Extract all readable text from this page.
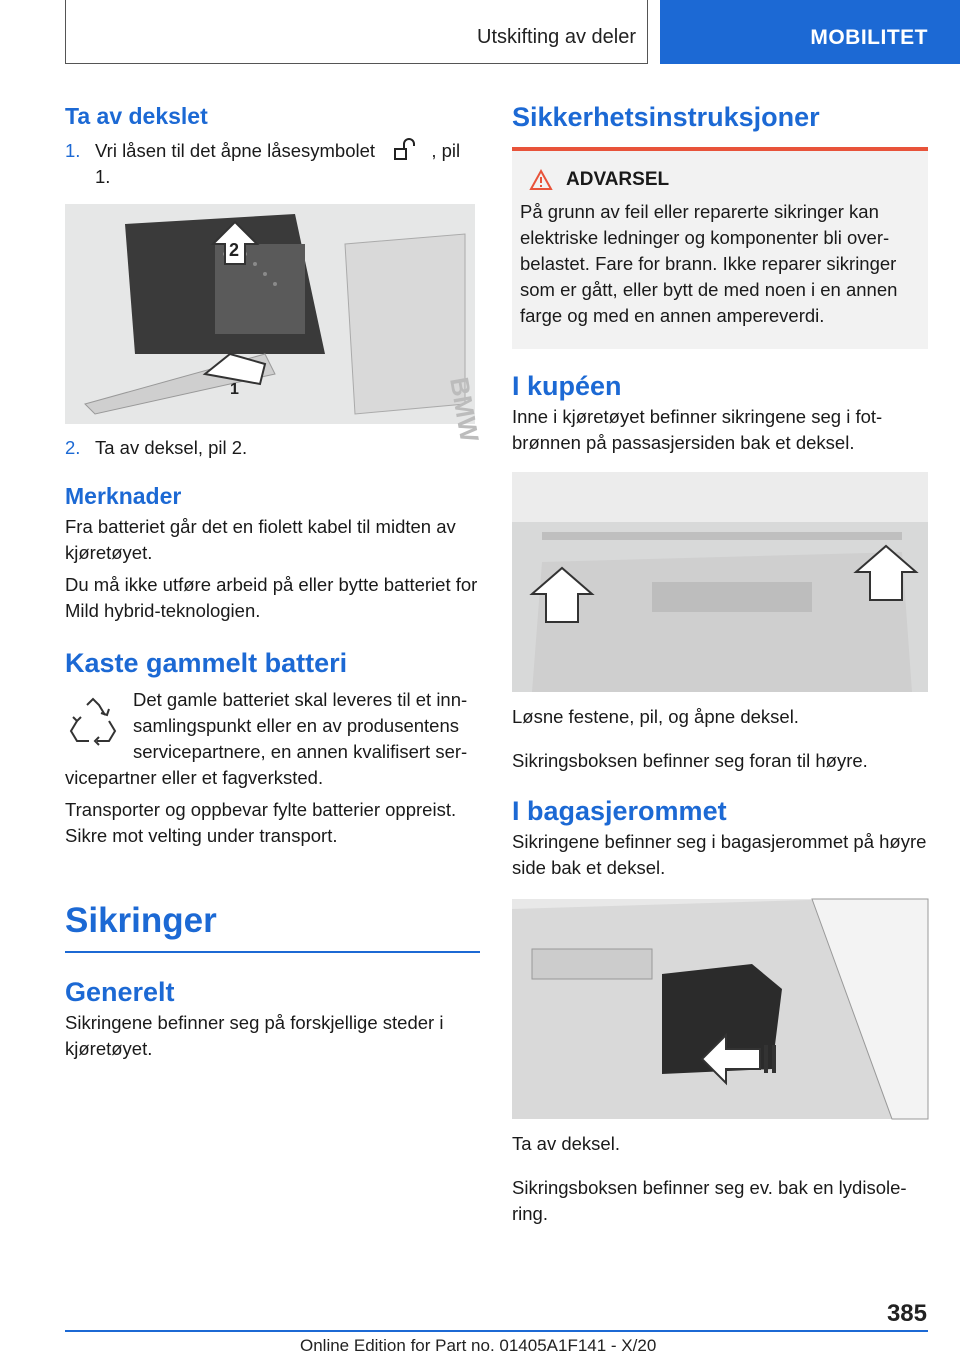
Utskifting av deler	MOBILITET
Ta av dekslet
1. Vri låsen til det åpne låsesymbolet	, pil 1.
BMW
2
1
2. Ta av deksel, pil 2.
Merknader

Fra batteriet går det en fiolett kabel til midten av kjøretøyet.

Du må ikke utføre arbeid på eller bytte batteriet for Mild hybrid-teknologien.

Kaste gammelt batteri

Det gamle batteriet skal leveres til et inn-samlingspunkt eller en av produsentens servicepartnere, en annen kvalifisert ser-vicepartner eller et fagverksted.

Transporter og oppbevar fylte batterier oppreist. Sikre mot velting under transport.

Sikringer
Generelt

Sikringene befinner seg på forskjellige steder i kjøretøyet.

Sikkerhetsinstruksjoner
ADVARSEL

På grunn av feil eller reparerte sikringer kan elektriske ledninger og komponenter bli over-belastet. Fare for brann. Ikke reparer sikringer som er gått, eller bytt de med noen i en annen farge og med en annen ampereverdi.

I kupéen

Inne i kjøretøyet befinner sikringene seg i fot-brønnen på passasjersiden bak et deksel.

Løsne festene, pil, og åpne deksel.

Sikringsboksen befinner seg foran til høyre.

I bagasjerommet

Sikringene befinner seg i bagasjerommet på høyre side bak et deksel.

Ta av deksel.

Sikringsboksen befinner seg ev. bak en lydisole-ring.

385
Online Edition for Part no. 01405A1F141 - X/20
